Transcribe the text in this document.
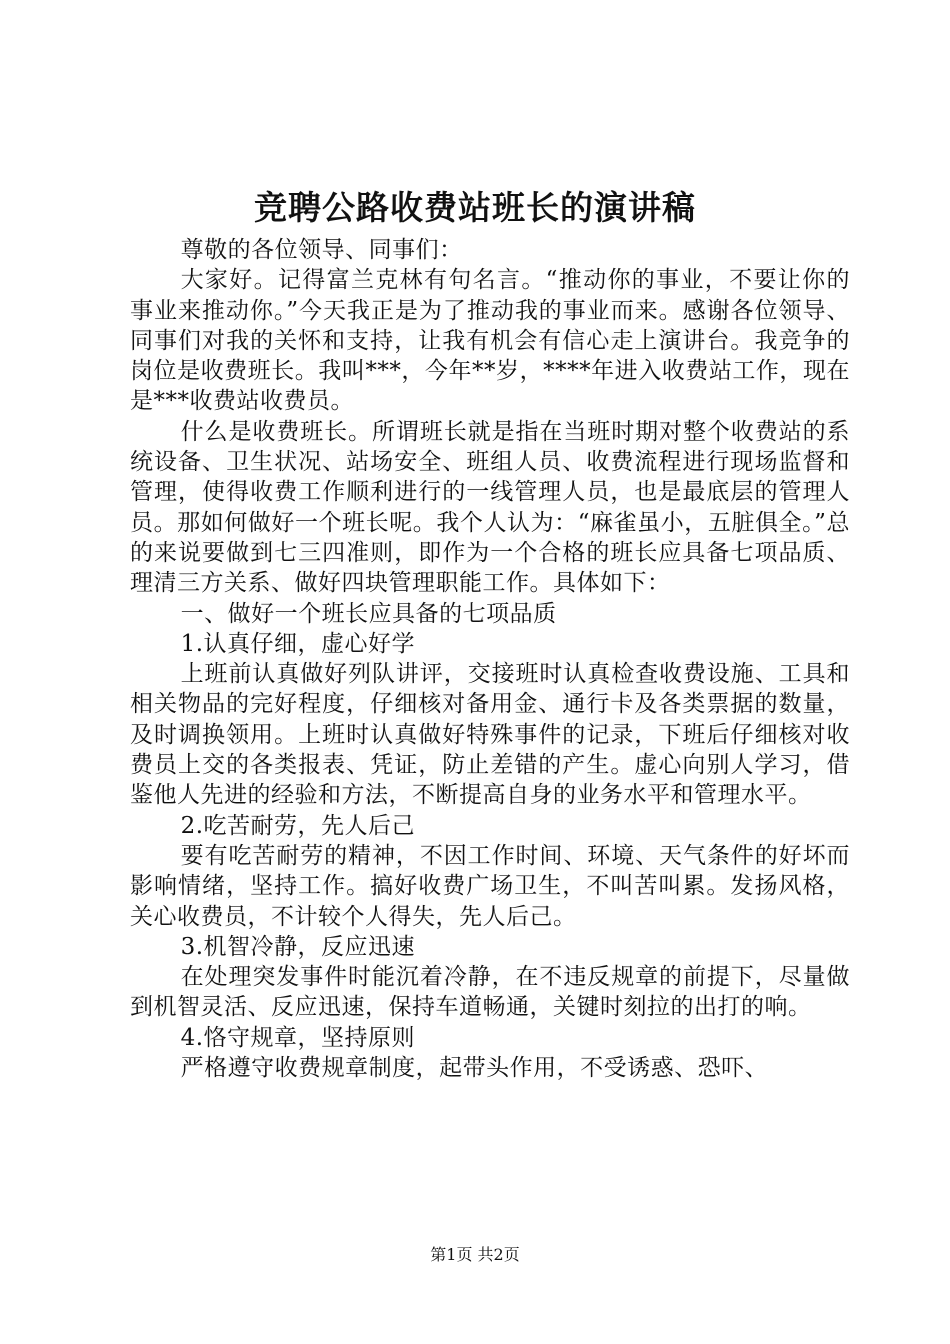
竞聘公路收费站班长的演讲稿

尊敬的各位领导、同事们：

大家好。记得富兰克林有句名言。“推动你的事业，不要让你的事业来推动你。”今天我正是为了推动我的事业而来。感谢各位领导、同事们对我的关怀和支持，让我有机会有信心走上演讲台。我竞争的岗位是收费班长。我叫***，今年**岁，****年进入收费站工作，现在是***收费站收费员。

什么是收费班长。所谓班长就是指在当班时期对整个收费站的系统设备、卫生状况、站场安全、班组人员、收费流程进行现场监督和管理，使得收费工作顺利进行的一线管理人员，也是最底层的管理人员。那如何做好一个班长呢。我个人认为：“麻雀虽小，五脏俱全。”总的来说要做到七三四准则，即作为一个合格的班长应具备七项品质、理清三方关系、做好四块管理职能工作。具体如下：

一、做好一个班长应具备的七项品质

1.认真仔细，虚心好学

上班前认真做好列队讲评，交接班时认真检查收费设施、工具和相关物品的完好程度，仔细核对备用金、通行卡及各类票据的数量，及时调换领用。上班时认真做好特殊事件的记录，下班后仔细核对收费员上交的各类报表、凭证，防止差错的产生。虚心向别人学习，借鉴他人先进的经验和方法，不断提高自身的业务水平和管理水平。

2.吃苦耐劳，先人后己

要有吃苦耐劳的精神，不因工作时间、环境、天气条件的好坏而影响情绪，坚持工作。搞好收费广场卫生，不叫苦叫累。发扬风格，关心收费员，不计较个人得失，先人后己。

3.机智冷静，反应迅速

在处理突发事件时能沉着冷静，在不违反规章的前提下，尽量做到机智灵活、反应迅速，保持车道畅通，关键时刻拉的出打的响。

4.恪守规章，坚持原则

严格遵守收费规章制度，起带头作用，不受诱惑、恐吓、

第1页 共2页
